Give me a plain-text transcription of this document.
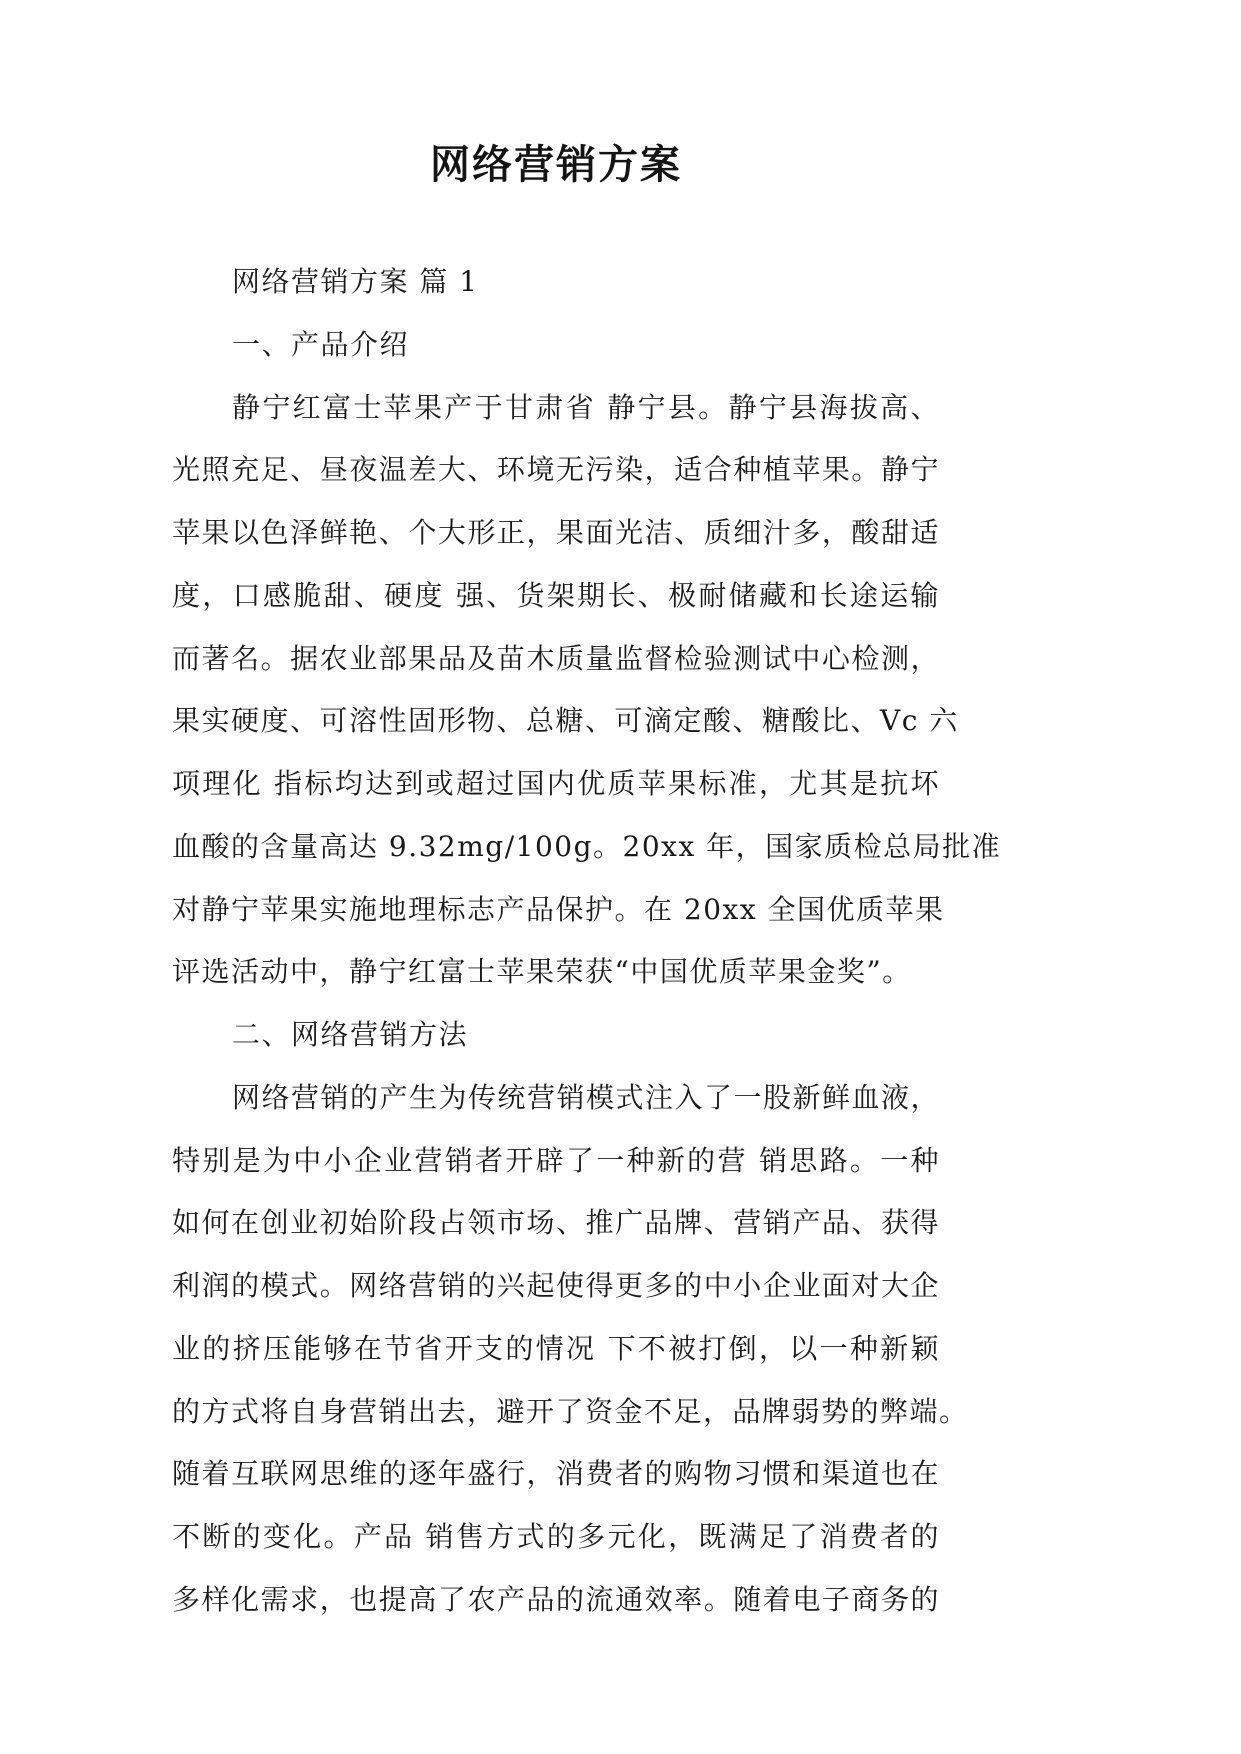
网络营销方案
网络营销方案 篇 1
一、产品介绍
静宁红富士苹果产于甘肃省 静宁县。静宁县海拔高、
光照充足、昼夜温差大、环境无污染，适合种植苹果。静宁
苹果以色泽鲜艳、个大形正，果面光洁、质细汁多，酸甜适
度，口感脆甜、硬度 强、货架期长、极耐储藏和长途运输
而著名。据农业部果品及苗木质量监督检验测试中心检测，
果实硬度、可溶性固形物、总糖、可滴定酸、糖酸比、Vc 六
项理化 指标均达到或超过国内优质苹果标准，尤其是抗坏
血酸的含量高达 9.32mg/100g。20xx 年，国家质检总局批准
对静宁苹果实施地理标志产品保护。在 20xx 全国优质苹果
评选活动中，静宁红富士苹果荣获“中国优质苹果金奖”。
二、网络营销方法
网络营销的产生为传统营销模式注入了一股新鲜血液，
特别是为中小企业营销者开辟了一种新的营 销思路。一种
如何在创业初始阶段占领市场、推广品牌、营销产品、获得
利润的模式。网络营销的兴起使得更多的中小企业面对大企
业的挤压能够在节省开支的情况 下不被打倒，以一种新颖
的方式将自身营销出去，避开了资金不足，品牌弱势的弊端。
随着互联网思维的逐年盛行，消费者的购物习惯和渠道也在
不断的变化。产品 销售方式的多元化，既满足了消费者的
多样化需求，也提高了农产品的流通效率。随着电子商务的
